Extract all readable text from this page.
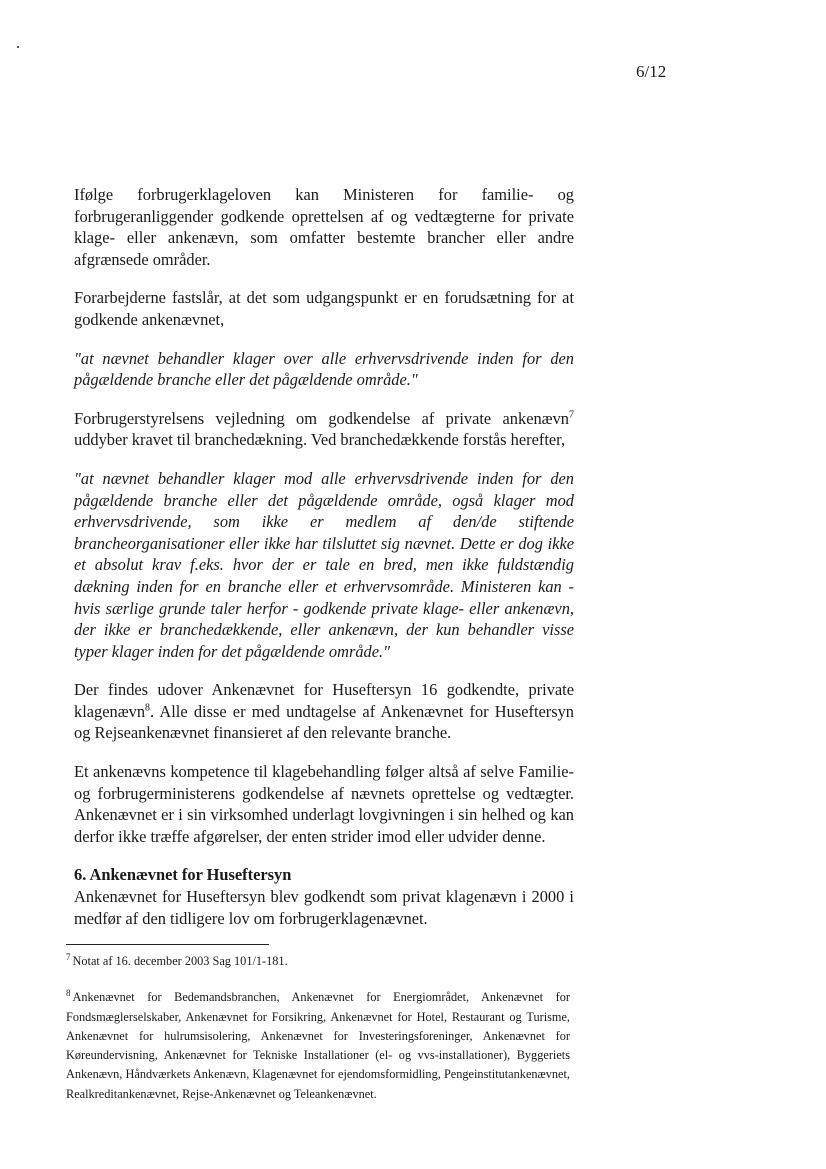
6/12

Ifølge forbrugerklageloven kan Ministeren for familie- og forbrugeranliggender godkende oprettelsen af og vedtægterne for private klage- eller ankenævn, som omfatter bestemte brancher eller andre afgrænsede områder.

Forarbejderne fastslår, at det som udgangspunkt er en forudsætning for at godkende ankenævnet,

"at nævnet behandler klager over alle erhvervsdrivende inden for den pågældende branche eller det pågældende område."

Forbrugerstyrelsens vejledning om godkendelse af private ankenævn$^7$ uddyber kravet til branchedækning. Ved branchedækkende forstås herefter,

"at nævnet behandler klager mod alle erhvervsdrivende inden for den pågældende branche eller det pågældende område, også klager mod erhvervsdrivende, som ikke er medlem af den/de stiftende brancheorganisationer eller ikke har tilsluttet sig nævnet. Dette er dog ikke et absolut krav f.eks. hvor der er tale en bred, men ikke fuldstændig dækning inden for en branche eller et erhvervsområde. Ministeren kan - hvis særlige grunde taler herfor - godkende private klage- eller ankenævn, der ikke er branchedækkende, eller ankenævn, der kun behandler visse typer klager inden for det pågældende område."

Der findes udover Ankenævnet for Huseftersyn 16 godkendte, private klagenævn$^8$. Alle disse er med undtagelse af Ankenævnet for Huseftersyn og Rejseankenævnet finansieret af den relevante branche.

Et ankenævns kompetence til klagebehandling følger altså af selve Familie- og forbrugerministerens godkendelse af nævnets oprettelse og vedtægter. Ankenævnet er i sin virksomhed underlagt lovgivningen i sin helhed og kan derfor ikke træffe afgørelser, der enten strider imod eller udvider denne.

6. Ankenævnet for Huseftersyn

Ankenævnet for Huseftersyn blev godkendt som privat klagenævn i 2000 i medfør af den tidligere lov om forbrugerklagenævnet.

$^7$ Notat af 16. december 2003 Sag 101/1-181.

$^8$ Ankenævnet for Bedemandsbranchen, Ankenævnet for Energiområdet, Ankenævnet for Fondsmæglerselskaber, Ankenævnet for Forsikring, Ankenævnet for Hotel, Restaurant og Turisme, Ankenævnet for hulrumsisolering, Ankenævnet for Investeringsforeninger, Ankenævnet for Køreundervisning, Ankenævnet for Tekniske Installationer (el- og vvs-installationer), Byggeriets Ankenævn, Håndværkets Ankenævn, Klagenævnet for ejendomsformidling, Pengeinstitutankenævnet, Realkreditankenævnet, Rejse-Ankenævnet og Teleankenævnet.
